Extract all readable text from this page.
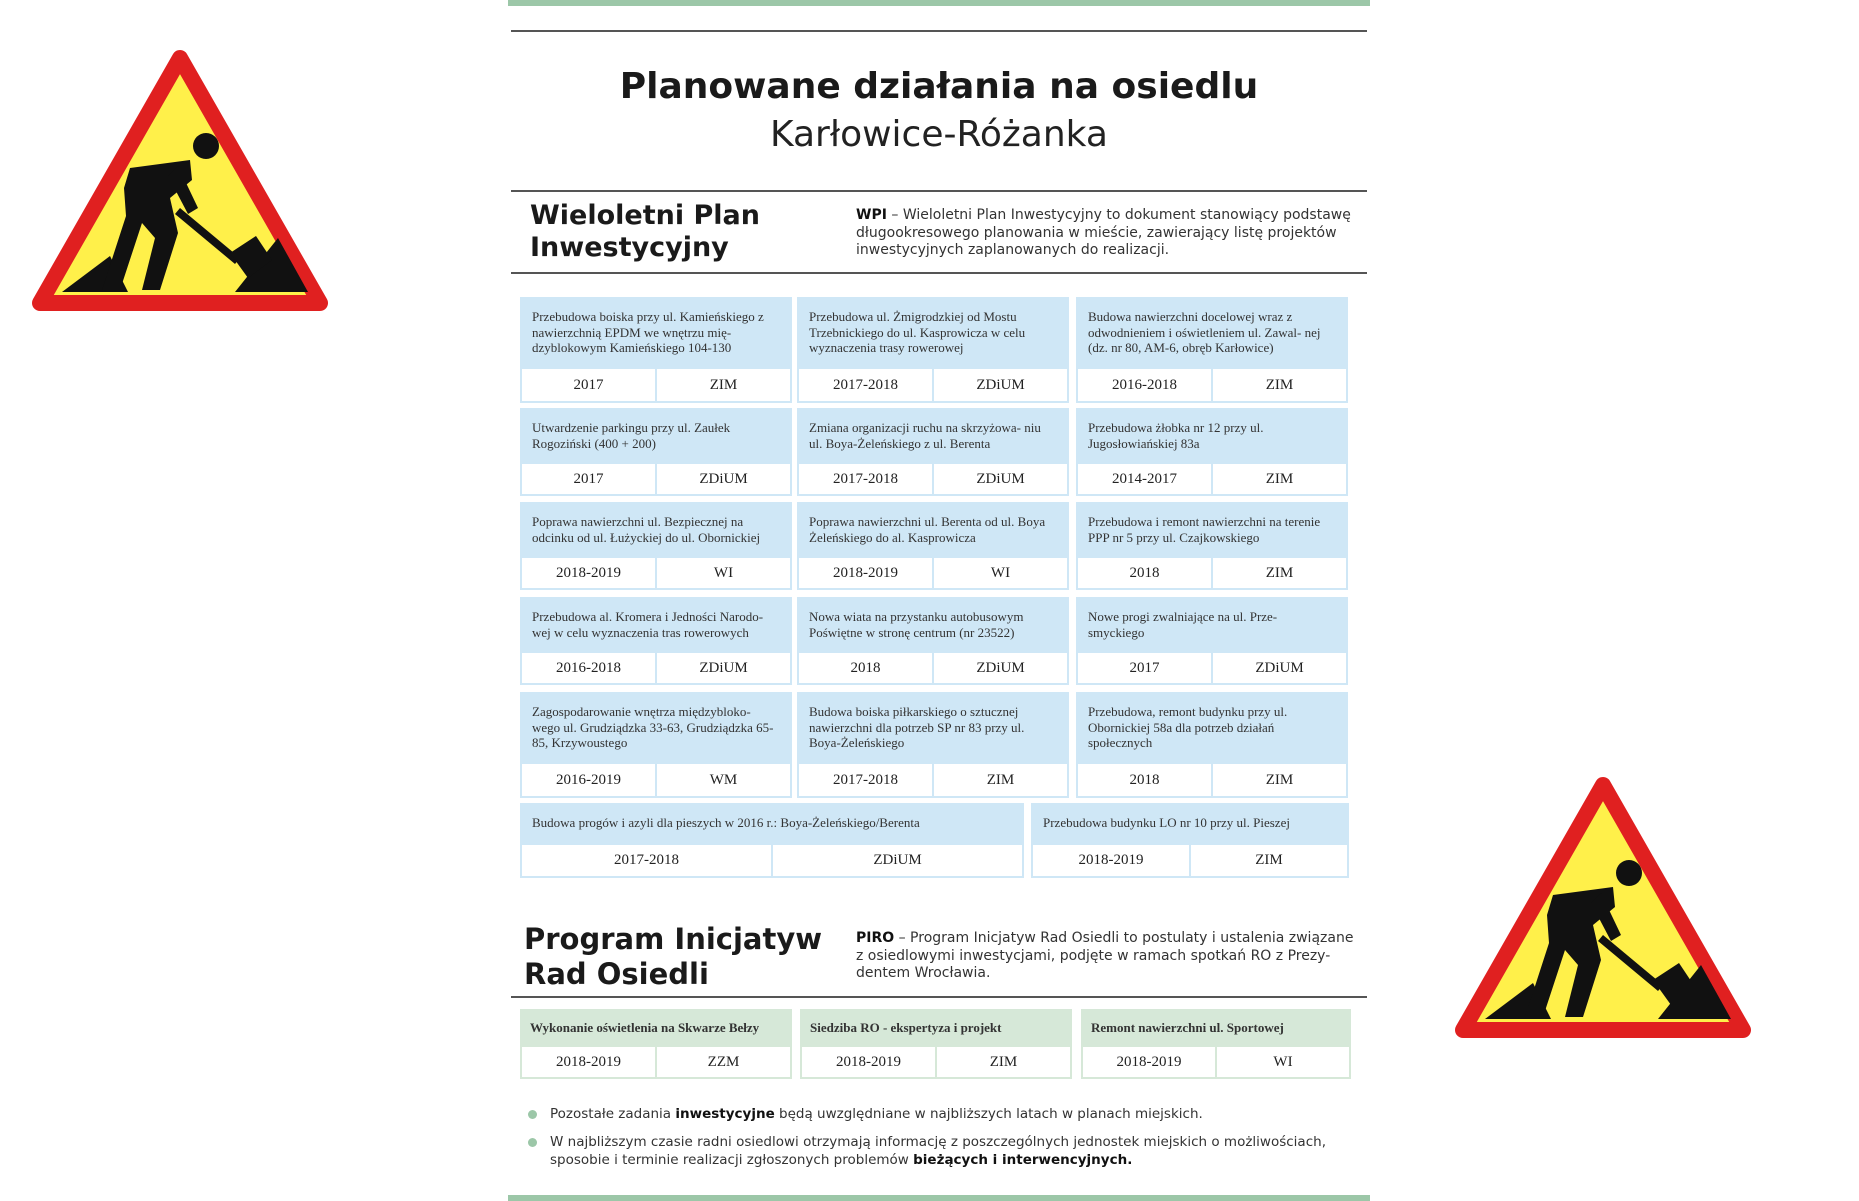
Planowane działania na osiedlu
Karłowice-Różanka
Wieloletni Plan
Inwestycyjny
WPI – Wieloletni Plan Inwestycyjny to dokument stanowiący podstawę długookresowego planowania w mieście, zawierający listę projektów inwestycyjnych zaplanowanych do realizacji.
Przebudowa boiska przy ul. Kamieńskiego z nawierzchnią EPDM we wnętrzu mię- dzyblokowym Kamieńskiego 104-130
2017	ZIM
Przebudowa ul. Żmigrodzkiej od Mostu Trzebnickiego do ul. Kasprowicza w celu wyznaczenia trasy rowerowej
2017-2018	ZDiUM
Budowa nawierzchni docelowej wraz z odwodnieniem i oświetleniem ul. Zawal- nej (dz. nr 80, AM-6, obręb Karłowice)
2016-2018	ZIM
Utwardzenie parkingu przy ul. Zaułek Rogoziński (400 + 200)
2017	ZDiUM
Zmiana organizacji ruchu na skrzyżowa- niu ul. Boya-Żeleńskiego z ul. Berenta
2017-2018	ZDiUM
Przebudowa żłobka nr 12 przy ul. Jugosłowiańskiej 83a
2014-2017	ZIM
Poprawa nawierzchni ul. Bezpiecznej na odcinku od ul. Łużyckiej do ul. Obornickiej
2018-2019	WI
Poprawa nawierzchni ul. Berenta od ul. Boya Żeleńskiego do al. Kasprowicza
2018-2019	WI
Przebudowa i remont nawierzchni na terenie PPP nr 5 przy ul. Czajkowskiego
2018	ZIM
Przebudowa al. Kromera i Jedności Narodo- wej w celu wyznaczenia tras rowerowych
2016-2018	ZDiUM
Nowa wiata na przystanku autobusowym Poświętne w stronę centrum (nr 23522)
2018	ZDiUM
Nowe progi zwalniające na ul. Prze- smyckiego
2017	ZDiUM
Zagospodarowanie wnętrza międzybloko- wego ul. Grudziądzka 33-63, Grudziądzka 65-85, Krzywoustego
2016-2019	WM
Budowa boiska piłkarskiego o sztucznej nawierzchni dla potrzeb SP nr 83 przy ul. Boya-Żeleńskiego
2017-2018	ZIM
Przebudowa, remont budynku przy ul. Obornickiej 58a dla potrzeb działań społecznych
2018	ZIM
Budowa progów i azyli dla pieszych w 2016 r.: Boya-Żeleńskiego/Berenta
2017-2018	ZDiUM
Przebudowa budynku LO nr 10 przy ul. Pieszej
2018-2019	ZIM
Program Inicjatyw
Rad Osiedli
PIRO – Program Inicjatyw Rad Osiedli to postulaty i ustalenia związane z osiedlowymi inwestycjami, podjęte w ramach spotkań RO z Prezy- dentem Wrocławia.
Wykonanie oświetlenia na Skwarze Bełzy
2018-2019	ZZM
Siedziba RO - ekspertyza i projekt
2018-2019	ZIM
Remont nawierzchni ul. Sportowej
2018-2019	WI
Pozostałe zadania inwestycyjne będą uwzględniane w najbliższych latach w planach miejskich.
W najbliższym czasie radni osiedlowi otrzymają informację z poszczególnych jednostek miejskich o możliwościach, sposobie i terminie realizacji zgłoszonych problemów bieżących i interwencyjnych.
